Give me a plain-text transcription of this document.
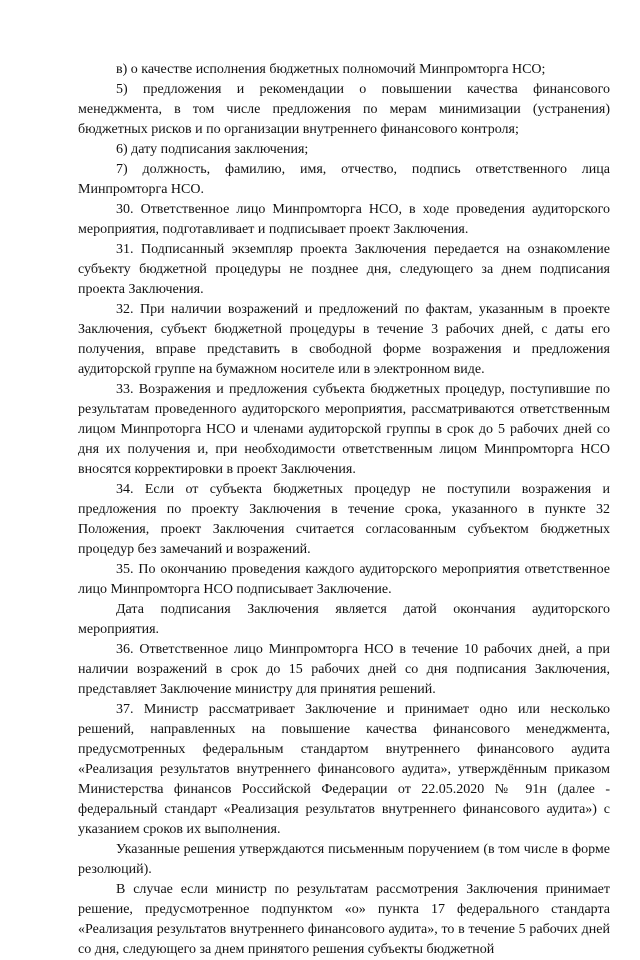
в) о качестве исполнения бюджетных полномочий Минпромторга НСО;

5) предложения и рекомендации о повышении качества финансового менеджмента, в том числе предложения по мерам минимизации (устранения) бюджетных рисков и по организации внутреннего финансового контроля;

6) дату подписания заключения;

7) должность, фамилию, имя, отчество, подпись ответственного лица Минпромторга НСО.

30. Ответственное лицо Минпромторга НСО, в ходе проведения аудиторского мероприятия, подготавливает и подписывает проект Заключения.

31. Подписанный экземпляр проекта Заключения передается на ознакомление субъекту бюджетной процедуры не позднее дня, следующего за днем подписания проекта Заключения.

32. При наличии возражений и предложений по фактам, указанным в проекте Заключения, субъект бюджетной процедуры в течение 3 рабочих дней, с даты его получения, вправе представить в свободной форме возражения и предложения аудиторской группе на бумажном носителе или в электронном виде.

33. Возражения и предложения субъекта бюджетных процедур, поступившие по результатам проведенного аудиторского мероприятия, рассматриваются ответственным лицом Минпроторга НСО и членами аудиторской группы в срок до 5 рабочих дней со дня их получения и, при необходимости ответственным лицом Минпромторга НСО вносятся корректировки в проект Заключения.

34. Если от субъекта бюджетных процедур не поступили возражения и предложения по проекту Заключения в течение срока, указанного в пункте 32 Положения, проект Заключения считается согласованным субъектом бюджетных процедур без замечаний и возражений.

35. По окончанию проведения каждого аудиторского мероприятия ответственное лицо Минпромторга НСО подписывает Заключение.

Дата подписания Заключения является датой окончания аудиторского мероприятия.

36. Ответственное лицо Минпромторга НСО в течение 10 рабочих дней, а при наличии возражений в срок до 15 рабочих дней со дня подписания Заключения, представляет Заключение министру для принятия решений.

37. Министр рассматривает Заключение и принимает одно или несколько решений, направленных на повышение качества финансового менеджмента, предусмотренных федеральным стандартом внутреннего финансового аудита «Реализация результатов внутреннего финансового аудита», утверждённым приказом Министерства финансов Российской Федерации от 22.05.2020 № 91н (далее - федеральный стандарт «Реализация результатов внутреннего финансового аудита») с указанием сроков их выполнения.

Указанные решения утверждаются письменным поручением (в том числе в форме резолюций).

В случае если министр по результатам рассмотрения Заключения принимает решение, предусмотренное подпунктом «о» пункта 17 федерального стандарта «Реализация результатов внутреннего финансового аудита», то в течение 5 рабочих дней со дня, следующего за днем принятого решения субъекты бюджетной
